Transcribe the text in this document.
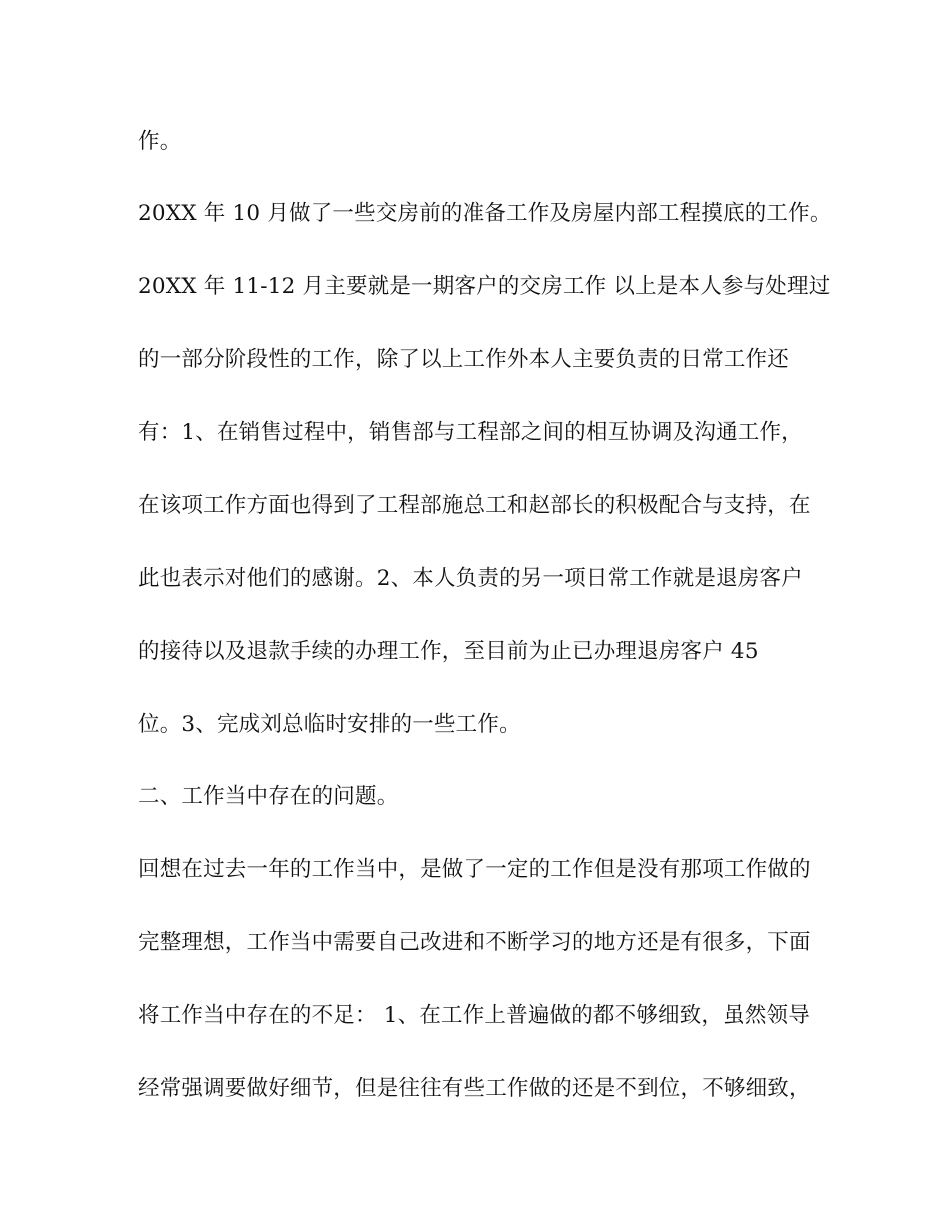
作。
20XX 年 10 月做了一些交房前的准备工作及房屋内部工程摸底的工作。
20XX 年 11-12 月主要就是一期客户的交房工作 以上是本人参与处理过
的一部分阶段性的工作，除了以上工作外本人主要负责的日常工作还
有：1、在销售过程中，销售部与工程部之间的相互协调及沟通工作，
在该项工作方面也得到了工程部施总工和赵部长的积极配合与支持，在
此也表示对他们的感谢。2、本人负责的另一项日常工作就是退房客户
的接待以及退款手续的办理工作，至目前为止已办理退房客户 45
位。3、完成刘总临时安排的一些工作。
二、工作当中存在的问题。
回想在过去一年的工作当中，是做了一定的工作但是没有那项工作做的
完整理想，工作当中需要自己改进和不断学习的地方还是有很多，下面
将工作当中存在的不足： 1、在工作上普遍做的都不够细致，虽然领导
经常强调要做好细节，但是往往有些工作做的还是不到位，不够细致，
